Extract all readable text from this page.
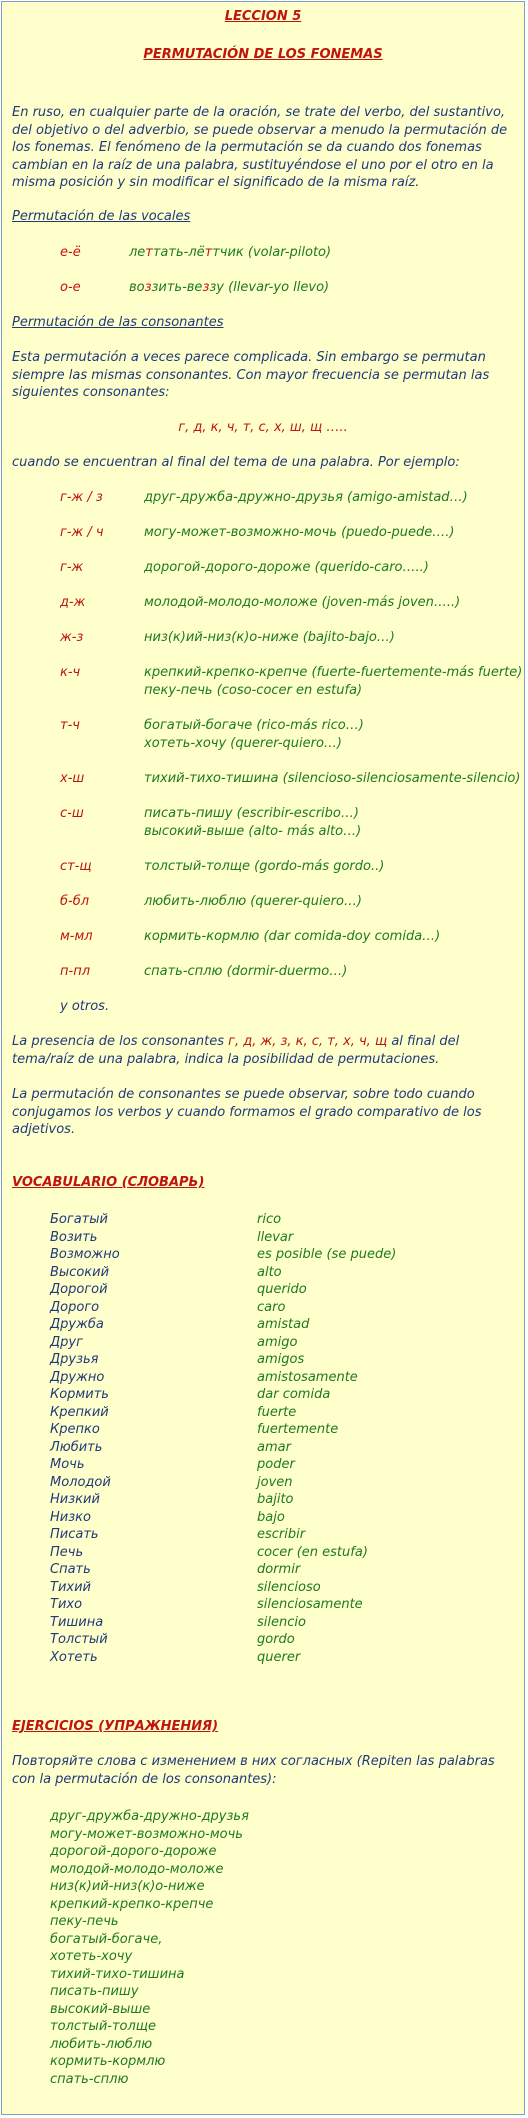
LECCION 5
PERMUTACIÓN DE LOS FONEMAS
En ruso, en cualquier parte de la oración, se trate del verbo, del sustantivo, del objetivo o del adverbio, se puede observar a menudo la permutación de los fonemas. El fenómeno de la permutación se da cuando dos fonemas cambian en la raíz de una palabra, sustituyéndose el uno por el otro en la misma posición y sin modificar el significado de la misma raíz.
Permutación de las vocales
е-ё	леттать-лёттчик (volar-piloto)
о-е	воззить-веззу (llevar-yo llevo)
Permutación de las consonantes
Esta permutación a veces parece complicada. Sin embargo se permutan siempre las mismas consonantes. Con mayor frecuencia se permutan las siguientes consonantes:
г, д, к, ч, т, с, х, ш, щ …..
cuando se encuentran al final del tema de una palabra. Por ejemplo:
г-ж / з	друг-дружба-дружно-друзья (amigo-amistad…)
г-ж / ч	могу-может-возможно-мочь (puedo-puede….)
г-ж	дорогой-дорого-дороже (querido-caro…..)
д-ж	молодой-молодо-моложе (joven-más joven…..)
ж-з	низ(к)ий-низ(к)о-ниже (bajito-bajo…)
к-ч	крепкий-крепко-крепче (fuerte-fuertemente-más fuerte)
пеку-печь (coso-cocer en estufa)
т-ч	богатый-богаче (rico-más rico…)
хотеть-хочу (querer-quiero…)
х-ш	тихий-тихо-тишина (silencioso-silenciosamente-silencio)
с-ш	писать-пишу (escribir-escribo…)
высокий-выше (alto- más alto…)
ст-щ	толстый-толще (gordo-más gordo..)
б-бл	любить-люблю (querer-quiero…)
м-мл	кормить-кормлю (dar comida-doy comida…)
п-пл	спать-сплю (dormir-duermo…)
y otros.
La presencia de los consonantes г, д, ж, з, к, с, т, х, ч, щ al final del tema/raíz de una palabra, indica la posibilidad de permutaciones.
La permutación de consonantes se puede observar, sobre todo cuando conjugamos los verbos y cuando formamos el grado comparativo de los adjetivos.
VOCABULARIO (СЛОВАРЬ)
Богатый	rico
Возить	llevar
Возможно	es posible (se puede)
Высокий	alto
Дорогой	querido
Дорого	caro
Дружба	amistad
Друг	amigo
Друзья	amigos
Дружно	amistosamente
Кормить	dar comida
Крепкий	fuerte
Крепко	fuertemente
Любить	amar
Мочь	poder
Молодой	joven
Низкий	bajito
Низко	bajo
Писать	escribir
Печь	cocer (en estufa)
Спать	dormir
Тихий	silencioso
Тихо	silenciosamente
Тишина	silencio
Толстый	gordo
Хотеть	querer
EJERCICIOS (УПРАЖНЕНИЯ)
Повторяйте слова с изменением в них согласных (Repiten las palabras con la permutación de los consonantes):
друг-дружба-дружно-друзья
могу-может-возможно-мочь
дорогой-дорого-дороже
молодой-молодо-моложе
низ(к)ий-низ(к)о-ниже
крепкий-крепко-крепче
пеку-печь
богатый-богаче,
хотеть-хочу
тихий-тихо-тишина
писать-пишу
высокий-выше
толстый-толще
любить-люблю
кормить-кормлю
спать-сплю
